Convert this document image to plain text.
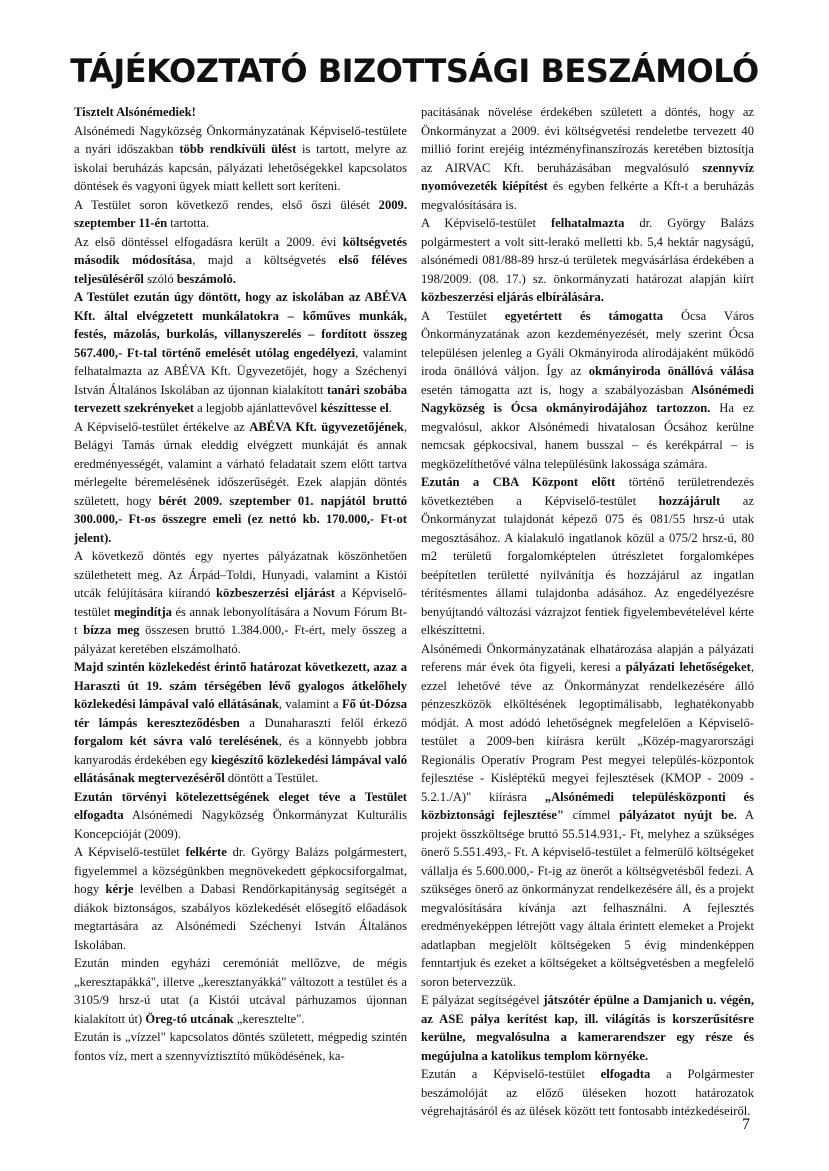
TÁJÉKOZTATÓ BIZOTTSÁGI BESZÁMOLÓ

Tisztelt Alsónémediek!

Alsónémedi Nagyközség Önkormányzatának Képviselő-testülete a nyári időszakban több rendkívüli ülést is tartott, melyre az iskolai beruházás kapcsán, pályázati lehetőségekkel kapcsolatos döntések és vagyoni ügyek miatt kellett sort keríteni.

A Testület soron következő rendes, első őszi ülését 2009. szeptember 11-én tartotta.

Az első döntéssel elfogadásra került a 2009. évi költségvetés második módosítása, majd a költségvetés első féléves teljesüléséről szóló beszámoló.

A Testület ezután úgy döntött, hogy az iskolában az ABÉVA Kft. által elvégzetett munkálatokra – kőműves munkák, festés, mázolás, burkolás, villanyszerelés – fordított összeg 567.400,- Ft-tal történő emelését utólag engedélyezi, valamint felhatalmazta az ABÉVA Kft. Ügyvezetőjét, hogy a Széchenyi István Általános Iskolában az újonnan kialakított tanári szobába tervezett szekrényeket a legjobb ajánlattevővel készíttesse el.

A Képviselő-testület értékelve az ABÉVA Kft. ügyvezetőjének, Belágyi Tamás úrnak eleddig elvégzett munkáját és annak eredményességét, valamint a várható feladatait szem előtt tartva mérlegelte béremelésének időszerűségét. Ezek alapján döntés született, hogy bérét 2009. szeptember 01. napjától bruttó 300.000,- Ft-os összegre emeli (ez nettó kb. 170.000,- Ft-ot jelent).

A következő döntés egy nyertes pályázatnak köszönhetően születhetett meg. Az Árpád–Toldi, Hunyadi, valamint a Kistói utcák felújítására kiírandó közbeszerzési eljárást a Képviselő-testület megindítja és annak lebonyolítására a Novum Fórum Bt-t bízza meg összesen bruttó 1.384.000,- Ft-ért, mely összeg a pályázat keretében elszámolható.

Majd szintén közlekedést érintő határozat következett, azaz a Haraszti út 19. szám térségében lévő gyalogos átkelőhely közlekedési lámpával való ellátásának, valamint a Fő út-Dózsa tér lámpás kereszteződésben a Dunaharaszti felől érkező forgalom két sávra való terelésének, és a könnyebb jobbra kanyarodás érdekében egy kiegészítő közlekedési lámpával való ellátásának megtervezéséről döntött a Testület.

Ezután törvényi kötelezettségének eleget téve a Testület elfogadta Alsónémedi Nagyközség Önkormányzat Kulturális Koncepcióját (2009).

A Képviselő-testület felkérte dr. György Balázs polgármestert, figyelemmel a községünkben megnövekedett gépkocsiforgalmat, hogy kérje levélben a Dabasi Rendőrkapitányság segítségét a diákok biztonságos, szabályos közlekedését elősegítő előadások megtartására az Alsónémedi Széchenyi István Általános Iskolában.

Ezután minden egyházi ceremóniát mellőzve, de mégis „keresztapákká", illetve „keresztanyákká" változott a testület és a 3105/9 hrsz-ú utat (a Kistói utcával párhuzamos újonnan kialakított út) Öreg-tó utcának „keresztelte".

Ezután is „vízzel" kapcsolatos döntés született, mégpedig szintén fontos víz, mert a szennyvíztisztító működésének, ka-

pacitásának növelése érdekében született a döntés, hogy az Önkormányzat a 2009. évi költségvetési rendeletbe tervezett 40 millió forint erejéig intézményfinanszírozás keretében biztosítja az AIRVAC Kft. beruházásában megvalósuló szennyvíz nyomóvezeték kiépítést és egyben felkérte a Kft-t a beruházás megvalósítására is.

A Képviselő-testület felhatalmazta dr. György Balázs polgármestert a volt sitt-lerakó melletti kb. 5,4 hektár nagyságú, alsónémedi 081/88-89 hrsz-ú területek megvásárlása érdekében a 198/2009. (08. 17.) sz. önkormányzati határozat alapján kiírt közbeszerzési eljárás elbírálására.

A Testület egyetértett és támogatta Ócsa Város Önkormányzatának azon kezdeményezését, mely szerint Ócsa településen jelenleg a Gyáli Okmányiroda alirodájaként működő iroda önállóvá váljon. Így az okmányiroda önállóvá válása esetén támogatta azt is, hogy a szabályozásban Alsónémedi Nagyközség is Ócsa okmányirodájához tartozzon. Ha ez megvalósul, akkor Alsónémedi hivatalosan Ócsához kerülne nemcsak gépkocsival, hanem busszal – és kerékpárral – is megközelíthetővé válna településünk lakossága számára.

Ezután a CBA Központ előtt történő területrendezés következtében a Képviselő-testület hozzájárult az Önkormányzat tulajdonát képező 075 és 081/55 hrsz-ú utak megosztásához. A kialakuló ingatlanok közül a 075/2 hrsz-ú, 80 m2 területű forgalomképtelen útrészletet forgalomképes beépítetlen területté nyilvánítja és hozzájárul az ingatlan térítésmentes állami tulajdonba adásához. Az engedélyezésre benyújtandó változási vázrajzot fentiek figyelembevételével kérte elkészíttetni.

Alsónémedi Önkormányzatának elhatározása alapján a pályázati referens már évek óta figyeli, keresi a pályázati lehetőségeket, ezzel lehetővé téve az Önkormányzat rendelkezésére álló pénzeszközök elköltésének legoptimálisabb, leghatékonyabb módját. A most adódó lehetőségnek megfelelően a Képviselő-testület a 2009-ben kiírásra került „Közép-magyarországi Regionális Operatív Program Pest megyei település-központok fejlesztése - Kisléptékű megyei fejlesztések (KMOP - 2009 - 5.2.1./A)" kiírásra „Alsónémedi településközponti és közbiztonsági fejlesztése" címmel pályázatot nyújt be. A projekt összköltsége bruttó 55.514.931,- Ft, melyhez a szükséges önerő 5.551.493,- Ft. A képviselő-testület a felmerülő költségeket vállalja és 5.600.000,- Ft-ig az önerőt a költségvetésből fedezi. A szükséges önerő az önkormányzat rendelkezésére áll, és a projekt megvalósítására kívánja azt felhasználni. A fejlesztés eredményeképpen létrejött vagy általa érintett elemeket a Projekt adatlapban megjelölt költségeken 5 évig mindenképpen fenntartjuk és ezeket a költségeket a költségvetésben a megfelelő soron betervezzük.

E pályázat segítségével játszótér épülne a Damjanich u. végén, az ASE pálya kerítést kap, ill. világítás is korszerűsítésre kerülne, megvalósulna a kamerarendszer egy része és megújulna a katolikus templom környéke.

Ezután a Képviselő-testület elfogadta a Polgármester beszámolóját az előző üléseken hozott határozatok végrehajtásáról és az ülések között tett fontosabb intézkedéseiről.

7
